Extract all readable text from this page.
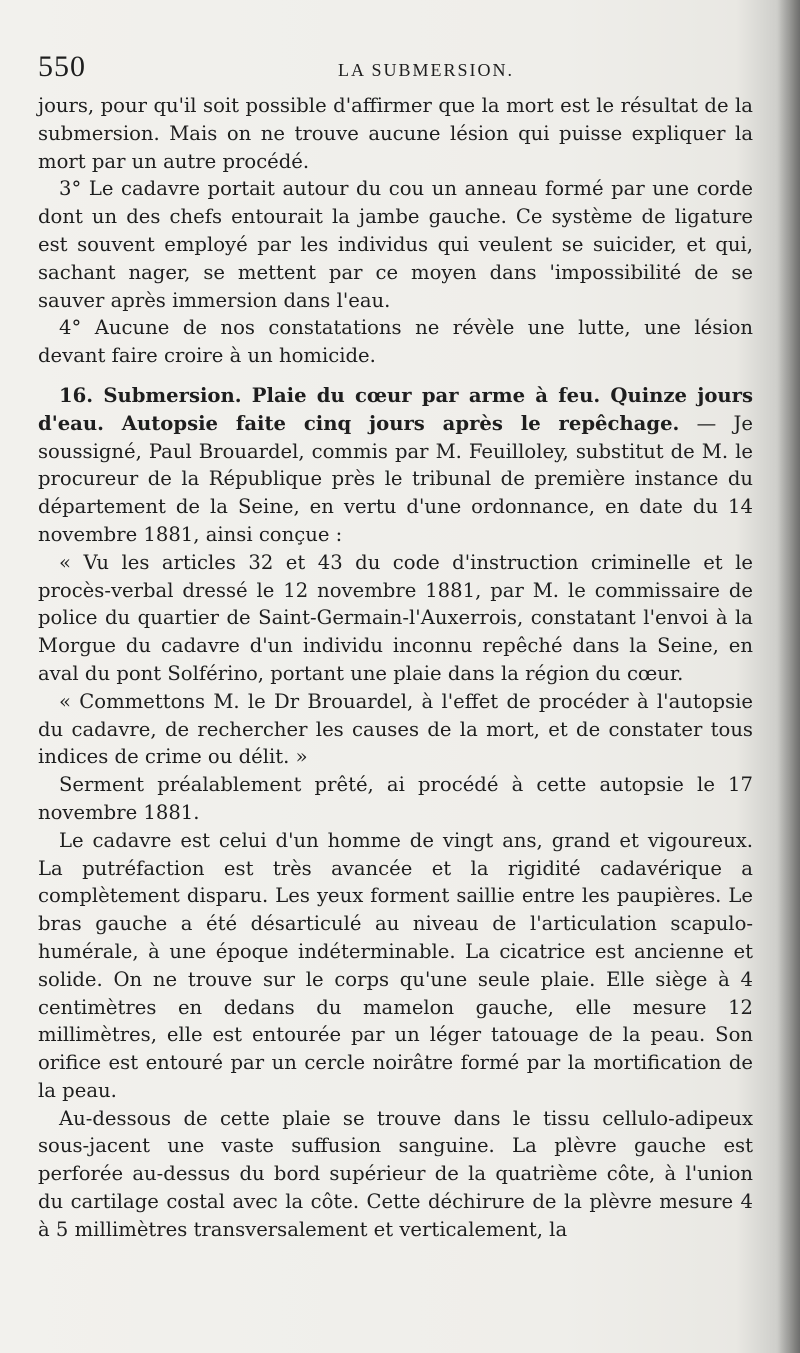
550	LA SUBMERSION.

jours, pour qu'il soit possible d'affirmer que la mort est le résultat de la submersion. Mais on ne trouve aucune lésion qui puisse expliquer la mort par un autre procédé.

3° Le cadavre portait autour du cou un anneau formé par une corde dont un des chefs entourait la jambe gauche. Ce système de ligature est souvent employé par les individus qui veulent se suicider, et qui, sachant nager, se mettent par ce moyen dans 'impossibilité de se sauver après immersion dans l'eau.

4° Aucune de nos constatations ne révèle une lutte, une lésion devant faire croire à un homicide.

16. Submersion. Plaie du cœur par arme à feu. Quinze jours d'eau. Autopsie faite cinq jours après le repêchage. — Je soussigné, Paul Brouardel, commis par M. Feuilloley, substitut de M. le procureur de la République près le tribunal de première instance du département de la Seine, en vertu d'une ordonnance, en date du 14 novembre 1881, ainsi conçue :

« Vu les articles 32 et 43 du code d'instruction criminelle et le procès-verbal dressé le 12 novembre 1881, par M. le commissaire de police du quartier de Saint-Germain-l'Auxerrois, constatant l'envoi à la Morgue du cadavre d'un individu inconnu repêché dans la Seine, en aval du pont Solférino, portant une plaie dans la région du cœur.

« Commettons M. le Dr Brouardel, à l'effet de procéder à l'autopsie du cadavre, de rechercher les causes de la mort, et de constater tous indices de crime ou délit. »

Serment préalablement prêté, ai procédé à cette autopsie le 17 novembre 1881.

Le cadavre est celui d'un homme de vingt ans, grand et vigoureux. La putréfaction est très avancée et la rigidité cadavérique a complètement disparu. Les yeux forment saillie entre les paupières. Le bras gauche a été désarticulé au niveau de l'articulation scapulo-humérale, à une époque indéterminable. La cicatrice est ancienne et solide. On ne trouve sur le corps qu'une seule plaie. Elle siège à 4 centimètres en dedans du mamelon gauche, elle mesure 12 millimètres, elle est entourée par un léger tatouage de la peau. Son orifice est entouré par un cercle noirâtre formé par la mortification de la peau.

Au-dessous de cette plaie se trouve dans le tissu cellulo-adipeux sous-jacent une vaste suffusion sanguine. La plèvre gauche est perforée au-dessus du bord supérieur de la quatrième côte, à l'union du cartilage costal avec la côte. Cette déchirure de la plèvre mesure 4 à 5 millimètres transversalement et verticalement, la
